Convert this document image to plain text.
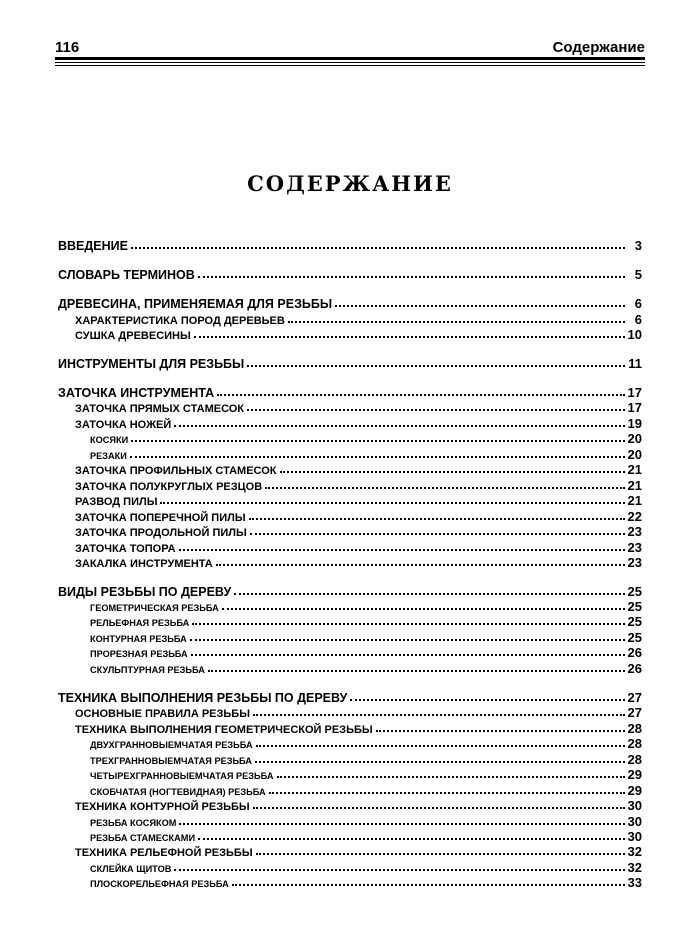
116	Содержание
СОДЕРЖАНИЕ
ВВЕДЕНИЕ	3
СЛОВАРЬ ТЕРМИНОВ	5
ДРЕВЕСИНА, ПРИМЕНЯЕМАЯ ДЛЯ РЕЗЬБЫ	6
ХАРАКТЕРИСТИКА ПОРОД ДЕРЕВЬЕВ	6
СУШКА ДРЕВЕСИНЫ	10
ИНСТРУМЕНТЫ ДЛЯ РЕЗЬБЫ	11
ЗАТОЧКА ИНСТРУМЕНТА	17
ЗАТОЧКА ПРЯМЫХ СТАМЕСОК	17
ЗАТОЧКА НОЖЕЙ	19
КОСЯКИ	20
РЕЗАКИ	20
ЗАТОЧКА ПРОФИЛЬНЫХ СТАМЕСОК	21
ЗАТОЧКА ПОЛУКРУГЛЫХ РЕЗЦОВ	21
РАЗВОД ПИЛЫ	21
ЗАТОЧКА ПОПЕРЕЧНОЙ ПИЛЫ	22
ЗАТОЧКА ПРОДОЛЬНОЙ ПИЛЫ	23
ЗАТОЧКА ТОПОРА	23
ЗАКАЛКА ИНСТРУМЕНТА	23
ВИДЫ РЕЗЬБЫ ПО ДЕРЕВУ	25
ГЕОМЕТРИЧЕСКАЯ РЕЗЬБА	25
РЕЛЬЕФНАЯ РЕЗЬБА	25
КОНТУРНАЯ РЕЗЬБА	25
ПРОРЕЗНАЯ РЕЗЬБА	26
СКУЛЬПТУРНАЯ РЕЗЬБА	26
ТЕХНИКА ВЫПОЛНЕНИЯ РЕЗЬБЫ ПО ДЕРЕВУ	27
ОСНОВНЫЕ ПРАВИЛА РЕЗЬБЫ	27
ТЕХНИКА ВЫПОЛНЕНИЯ ГЕОМЕТРИЧЕСКОЙ РЕЗЬБЫ	28
ДВУХГРАННОВЫЕМЧАТАЯ РЕЗЬБА	28
ТРЕХГРАННОВЫЕМЧАТАЯ РЕЗЬБА	28
ЧЕТЫРЕХГРАННОВЫЕМЧАТАЯ РЕЗЬБА	29
СКОБЧАТАЯ (НОГТЕВИДНАЯ) РЕЗЬБА	29
ТЕХНИКА КОНТУРНОЙ РЕЗЬБЫ	30
РЕЗЬБА КОСЯКОМ	30
РЕЗЬБА СТАМЕСКАМИ	30
ТЕХНИКА РЕЛЬЕФНОЙ РЕЗЬБЫ	32
СКЛЕЙКА ЩИТОВ	32
ПЛОСКОРЕЛЬЕФНАЯ РЕЗЬБА	33
